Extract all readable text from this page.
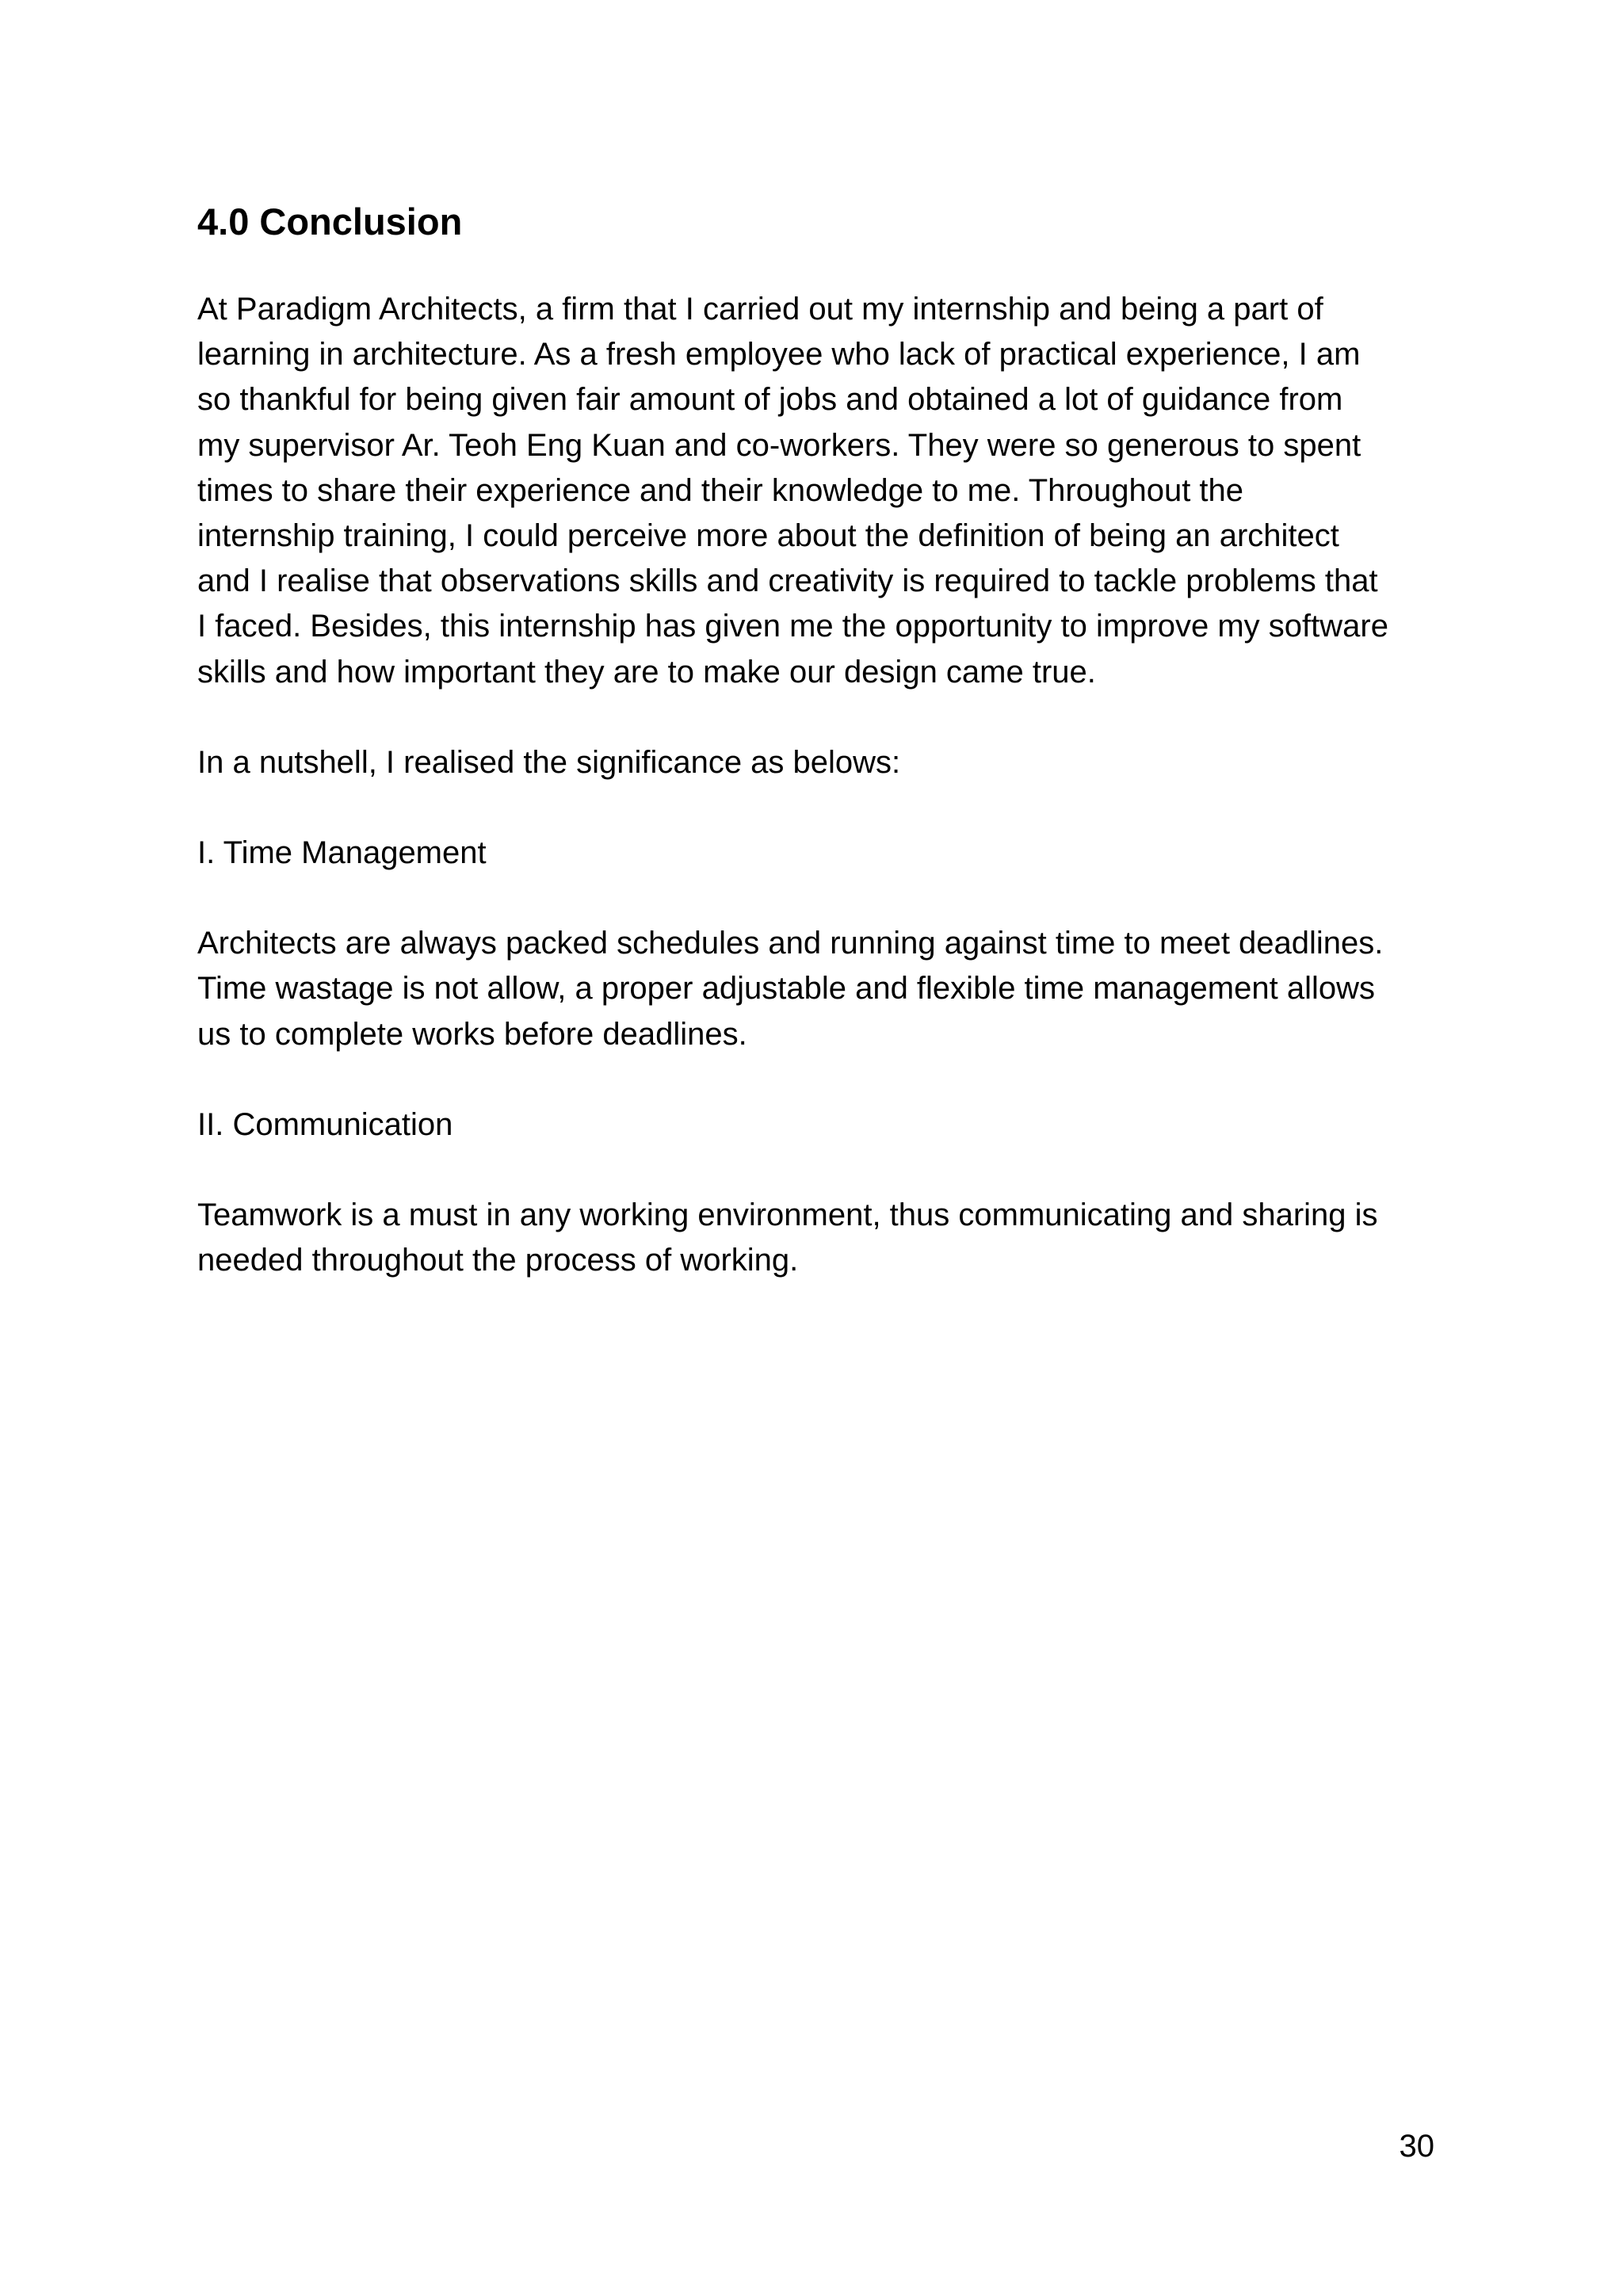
4.0 Conclusion

At Paradigm Architects, a firm that I carried out my internship and being a part of
learning in architecture. As a fresh employee who lack of practical experience, I am
so thankful for being given fair amount of jobs and obtained a lot of guidance from
my supervisor Ar. Teoh Eng Kuan and co-workers. They were so generous to spent
times to share their experience and their knowledge to me. Throughout the
internship training, I could perceive more about the definition of being an architect
and I realise that observations skills and creativity is required to tackle problems that
I faced. Besides, this internship has given me the opportunity to improve my software
skills and how important they are to make our design came true.

In a nutshell, I realised the significance as belows:

I. Time Management

Architects are always packed schedules and running against time to meet deadlines.
Time wastage is not allow, a proper adjustable and flexible time management allows
us to complete works before deadlines.

II. Communication

Teamwork is a must in any working environment, thus communicating and sharing is
needed throughout the process of working.

30
